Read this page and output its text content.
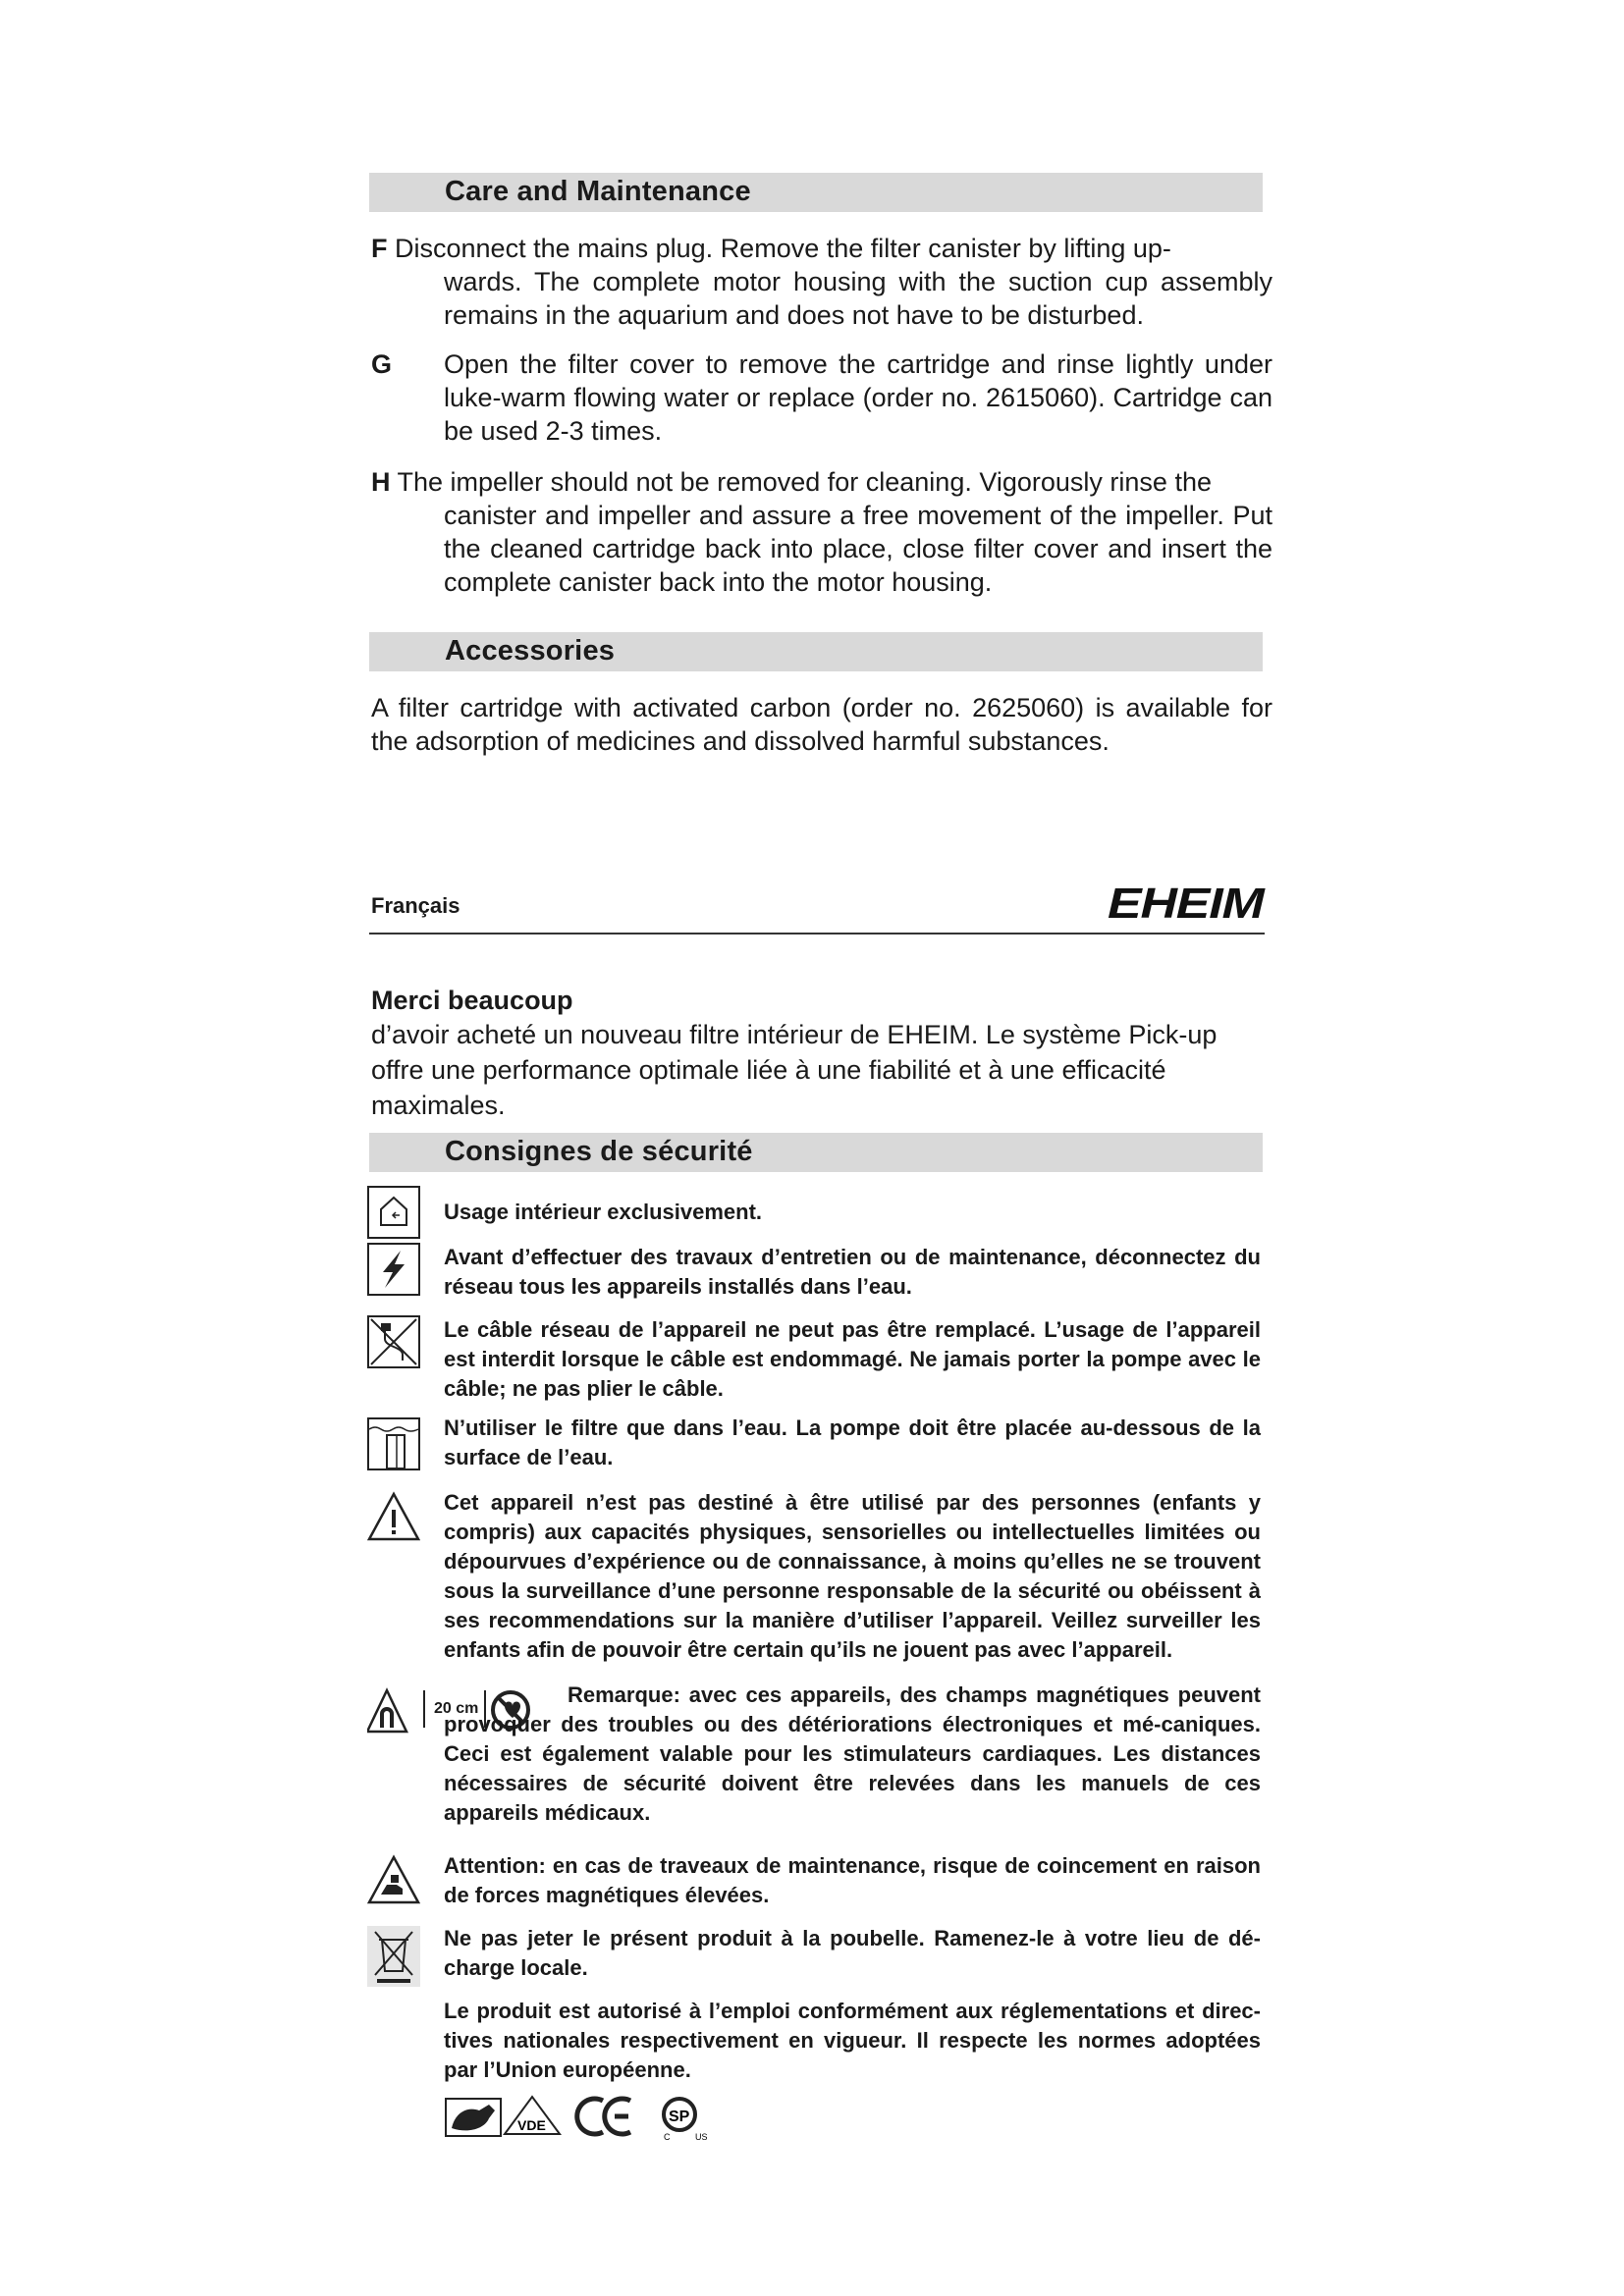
Care and Maintenance
F Disconnect the mains plug. Remove the filter canister by lifting up-
wards. The complete motor housing with the suction cup assembly remains in the aquarium and does not have to be disturbed.
G Open the filter cover to remove the cartridge and rinse lightly under luke-warm flowing water or replace (order no. 2615060). Cartridge can be used 2-3 times.
H The impeller should not be removed for cleaning. Vigorously rinse the
canister and impeller and assure a free movement of the impeller. Put the cleaned cartridge back into place, close filter cover and insert the complete canister back into the motor housing.
Accessories
A filter cartridge with activated carbon (order no. 2625060) is available for the adsorption of medicines and dissolved harmful substances.
Français	EHEIM
Merci beaucoup
d’avoir acheté un nouveau filtre intérieur de EHEIM. Le système Pick-up offre une performance optimale liée à une fiabilité et à une efficacité maximales.
Consignes de sécurité
Usage intérieur exclusivement.
Avant d’effectuer des travaux d’entretien ou de maintenance, déconnectez du réseau tous les appareils installés dans l’eau.
Le câble réseau de l’appareil ne peut pas être remplacé. L’usage de l’appareil est interdit lorsque le câble est endommagé. Ne jamais porter la pompe avec le câble; ne pas plier le câble.
N’utiliser le filtre que dans l’eau. La pompe doit être placée au-dessous de la surface de l’eau.
Cet appareil n’est pas destiné à être utilisé par des personnes (enfants y compris) aux capacités physiques, sensorielles ou intellectuelles limitées ou dépourvues d’expérience ou de connaissance, à moins qu’elles ne se trouvent sous la surveillance d’une personne responsable de la sécurité ou obéissent à ses recommendations sur la manière d’utiliser l’appareil. Veillez surveiller les enfants afin de pouvoir être certain qu’ils ne jouent pas avec l’appareil.
20 cm
Remarque: avec ces appareils, des champs magnétiques peuvent provoquer des troubles ou des détériorations électroniques et mé-caniques. Ceci est également valable pour les stimulateurs cardiaques. Les distances nécessaires de sécurité doivent être relevées dans les manuels de ces appareils médicaux.
Attention: en cas de traveaux de maintenance, risque de coincement en raison de forces magnétiques élevées.
Ne pas jeter le présent produit à la poubelle. Ramenez-le à votre lieu de dé-charge locale.
Le produit est autorisé à l’emploi conformément aux réglementations et direc-tives nationales respectivement en vigueur. Il respecte les normes adoptées par l’Union européenne.
VDE	SP
C	US
